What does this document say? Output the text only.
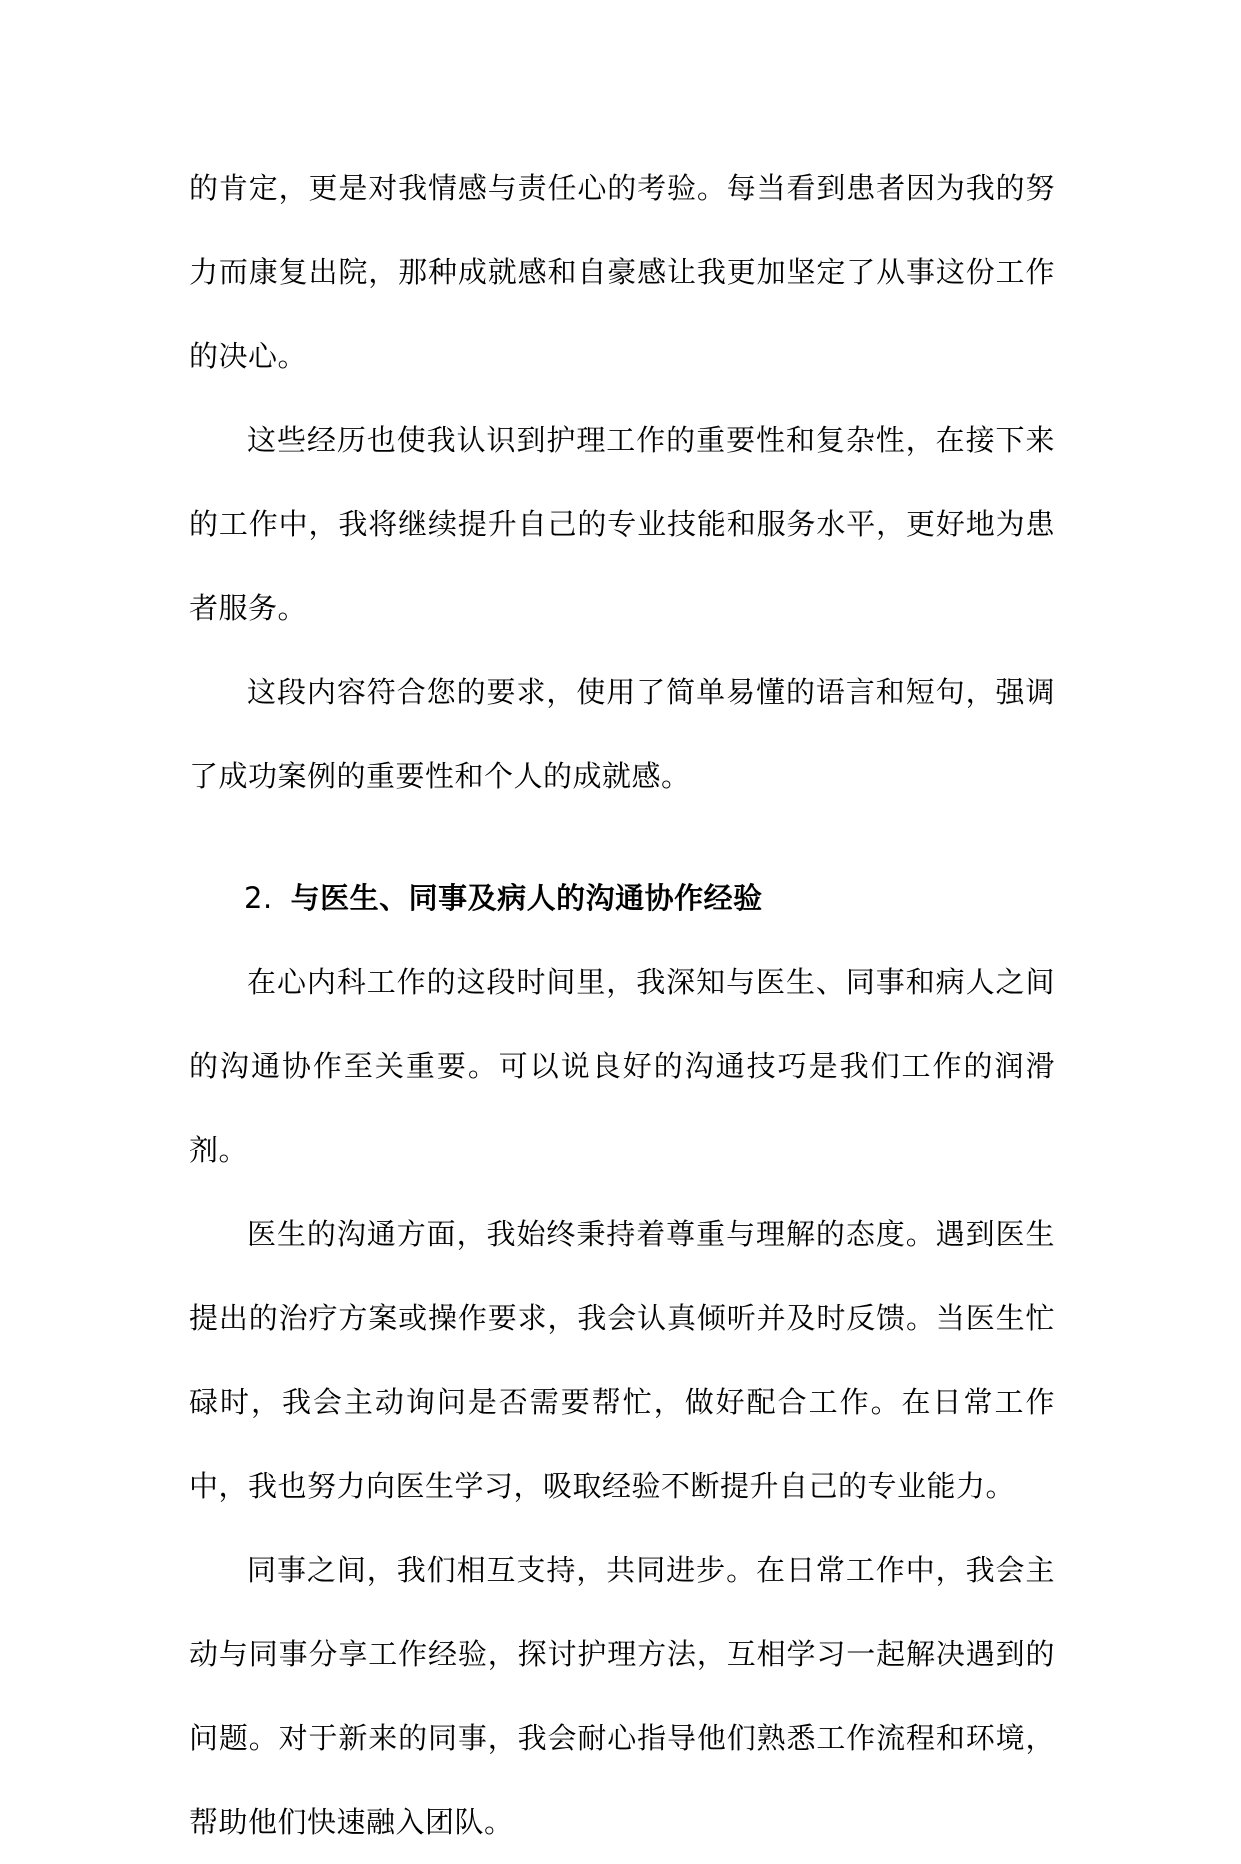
的肯定，更是对我情感与责任心的考验。每当看到患者因为我的努力而康复出院，那种成就感和自豪感让我更加坚定了从事这份工作的决心。

这些经历也使我认识到护理工作的重要性和复杂性，在接下来的工作中，我将继续提升自己的专业技能和服务水平，更好地为患者服务。

这段内容符合您的要求，使用了简单易懂的语言和短句，强调了成功案例的重要性和个人的成就感。

2. 与医生、同事及病人的沟通协作经验

在心内科工作的这段时间里，我深知与医生、同事和病人之间的沟通协作至关重要。可以说良好的沟通技巧是我们工作的润滑剂。

医生的沟通方面，我始终秉持着尊重与理解的态度。遇到医生提出的治疗方案或操作要求，我会认真倾听并及时反馈。当医生忙碌时，我会主动询问是否需要帮忙，做好配合工作。在日常工作中，我也努力向医生学习，吸取经验不断提升自己的专业能力。

同事之间，我们相互支持，共同进步。在日常工作中，我会主动与同事分享工作经验，探讨护理方法，互相学习一起解决遇到的问题。对于新来的同事，我会耐心指导他们熟悉工作流程和环境，帮助他们快速融入团队。
